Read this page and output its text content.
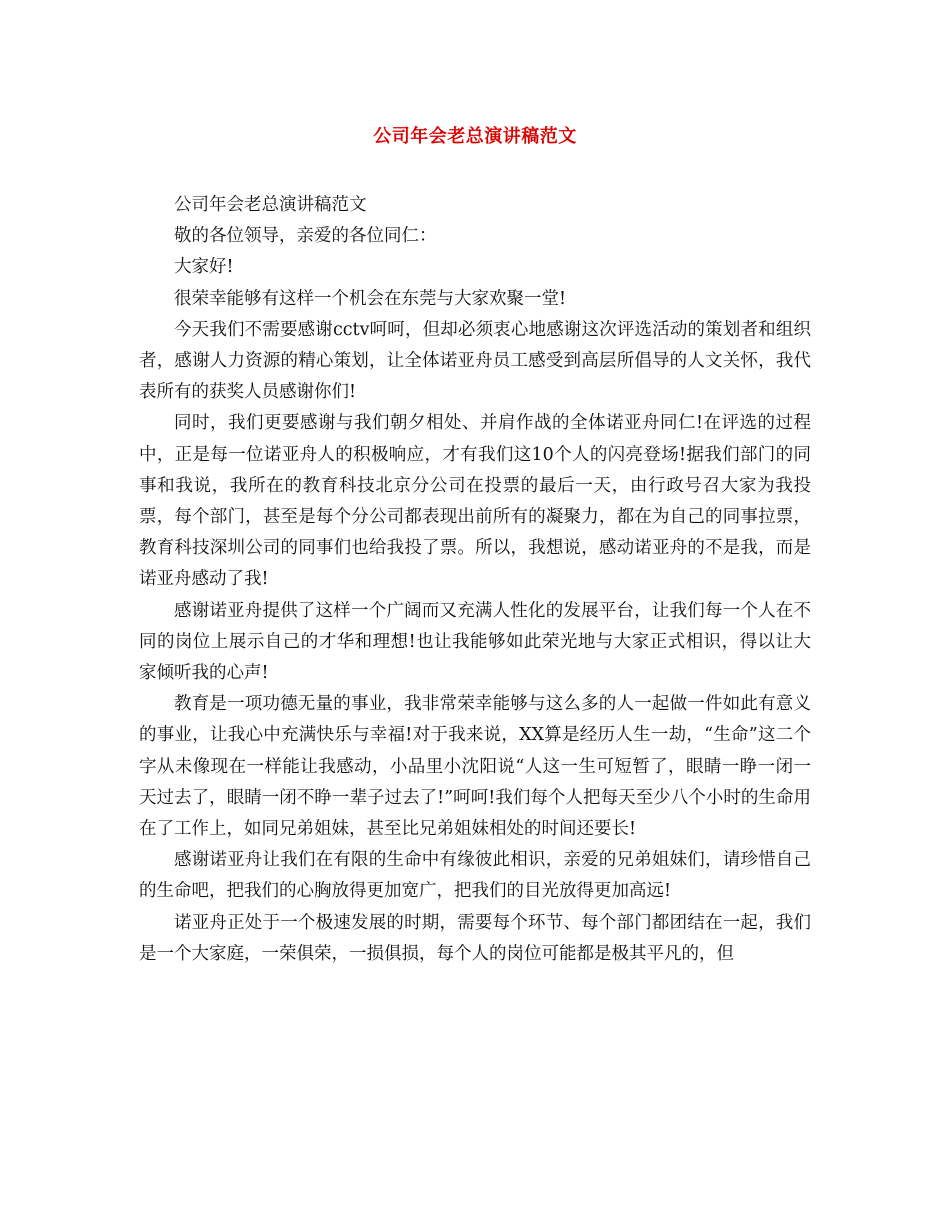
公司年会老总演讲稿范文

公司年会老总演讲稿范文

敬的各位领导，亲爱的各位同仁：

大家好!

很荣幸能够有这样一个机会在东莞与大家欢聚一堂!

今天我们不需要感谢cctv呵呵，但却必须衷心地感谢这次评选活动的策划者和组织者，感谢人力资源的精心策划，让全体诺亚舟员工感受到高层所倡导的人文关怀，我代表所有的获奖人员感谢你们!

同时，我们更要感谢与我们朝夕相处、并肩作战的全体诺亚舟同仁!在评选的过程中，正是每一位诺亚舟人的积极响应，才有我们这10个人的闪亮登场!据我们部门的同事和我说，我所在的教育科技北京分公司在投票的最后一天，由行政号召大家为我投票，每个部门，甚至是每个分公司都表现出前所有的凝聚力，都在为自己的同事拉票，教育科技深圳公司的同事们也给我投了票。所以，我想说，感动诺亚舟的不是我，而是诺亚舟感动了我!

感谢诺亚舟提供了这样一个广阔而又充满人性化的发展平台，让我们每一个人在不同的岗位上展示自己的才华和理想!也让我能够如此荣光地与大家正式相识，得以让大家倾听我的心声!

教育是一项功德无量的事业，我非常荣幸能够与这么多的人一起做一件如此有意义的事业，让我心中充满快乐与幸福!对于我来说，XX算是经历人生一劫，“生命”这二个字从未像现在一样能让我感动，小品里小沈阳说“人这一生可短暂了，眼睛一睁一闭一天过去了，眼睛一闭不睁一辈子过去了!”呵呵!我们每个人把每天至少八个小时的生命用在了工作上，如同兄弟姐妹，甚至比兄弟姐妹相处的时间还要长!

感谢诺亚舟让我们在有限的生命中有缘彼此相识，亲爱的兄弟姐妹们，请珍惜自己的生命吧，把我们的心胸放得更加宽广，把我们的目光放得更加高远!

诺亚舟正处于一个极速发展的时期，需要每个环节、每个部门都团结在一起，我们是一个大家庭，一荣俱荣，一损俱损，每个人的岗位可能都是极其平凡的，但
